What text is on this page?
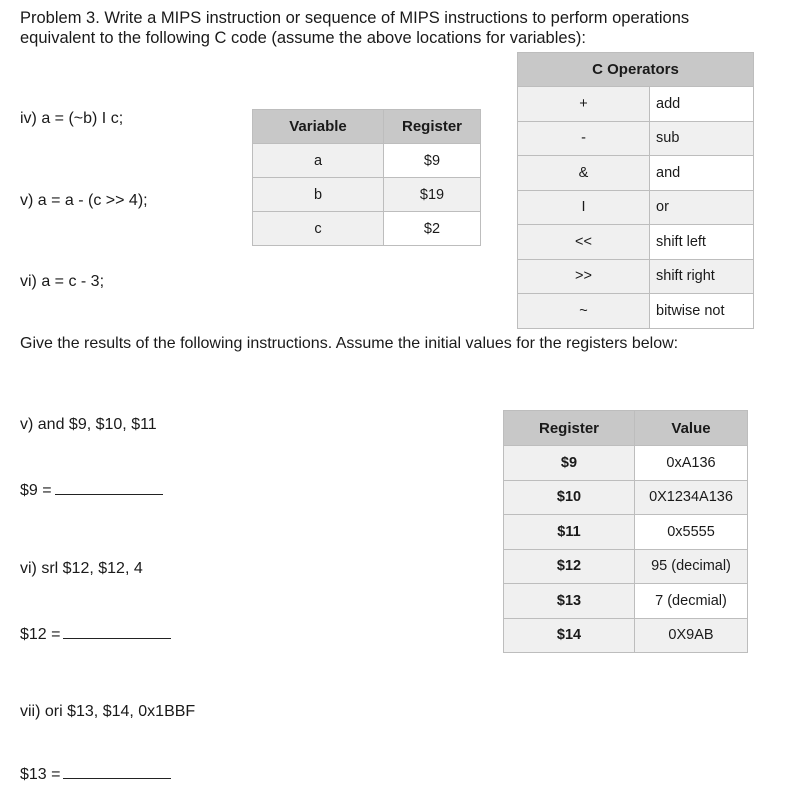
Problem 3. Write a MIPS instruction or sequence of MIPS instructions to perform operations
equivalent to the following C code (assume the above locations for variables):
iv) a = (~b) I c;
v) a = a - (c >> 4);
vi) a = c - 3;
Variable	Register
a	$9
b	$19
c	$2
C Operators	
+	add
-	sub
&	and
I	or
<<	shift left
>>	shift right
~	bitwise not
Give the results of the following instructions. Assume the initial values for the registers below:
v) and $9, $10, $11
$9 =
vi) srl $12, $12, 4
$12 =
vii) ori $13, $14, 0x1BBF
$13 =
Register	Value
$9	0xA136
$10	0X1234A136
$11	0x5555
$12	95 (decimal)
$13	7 (decmial)
$14	0X9AB
